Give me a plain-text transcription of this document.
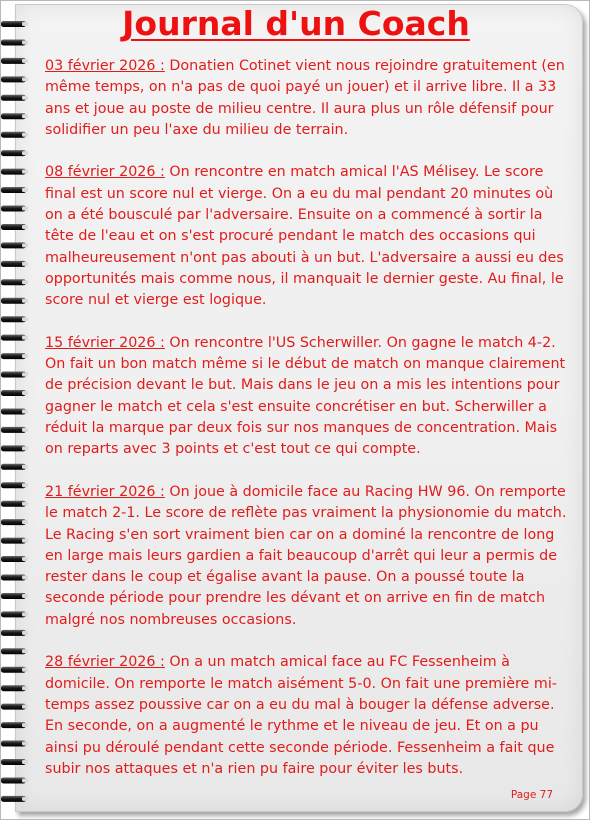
Page 77
Journal d'un Coach

03 février 2026 : Donatien Cotinet vient nous rejoindre gratuitement (en même temps, on n'a pas de quoi payé un jouer) et il arrive libre. Il a 33 ans et joue au poste de milieu centre. Il aura plus un rôle défensif pour solidifier un peu l'axe du milieu de terrain.

08 février 2026 : On rencontre en match amical l'AS Mélisey. Le score final est un score nul et vierge. On a eu du mal pendant 20 minutes où on a été bousculé par l'adversaire. Ensuite on a commencé à sortir la tête de l'eau et on s'est procuré pendant le match des occasions qui malheureusement n'ont pas abouti à un but. L'adversaire a aussi eu des opportunités mais comme nous, il manquait le dernier geste. Au final, le score nul et vierge est logique.

15 février 2026 : On rencontre l'US Scherwiller. On gagne le match 4-2. On fait un bon match même si le début de match on manque clairement de précision devant le but. Mais dans le jeu on a mis les intentions pour gagner le match et cela s'est ensuite concrétiser en but. Scherwiller a réduit la marque par deux fois sur nos manques de concentration. Mais on reparts avec 3 points et c'est tout ce qui compte.

21 février 2026 : On joue à domicile face au Racing HW 96. On remporte le match 2-1. Le score de reflète pas vraiment la physionomie du match. Le Racing s'en sort vraiment bien car on a dominé la rencontre de long en large mais leurs gardien a fait beaucoup d'arrêt qui leur a permis de rester dans le coup et égalise avant la pause. On a poussé toute la seconde période pour prendre les dévant et on arrive en fin de match malgré nos nombreuses occasions.

28 février 2026 : On a un match amical face au FC Fessenheim à domicile. On remporte le match aisément 5-0. On fait une première mi-temps assez poussive car on a eu du mal à bouger la défense adverse. En seconde, on a augmenté le rythme et le niveau de jeu. Et on a pu ainsi pu déroulé pendant cette seconde période. Fessenheim a fait que subir nos attaques et n'a rien pu faire pour éviter les buts.
